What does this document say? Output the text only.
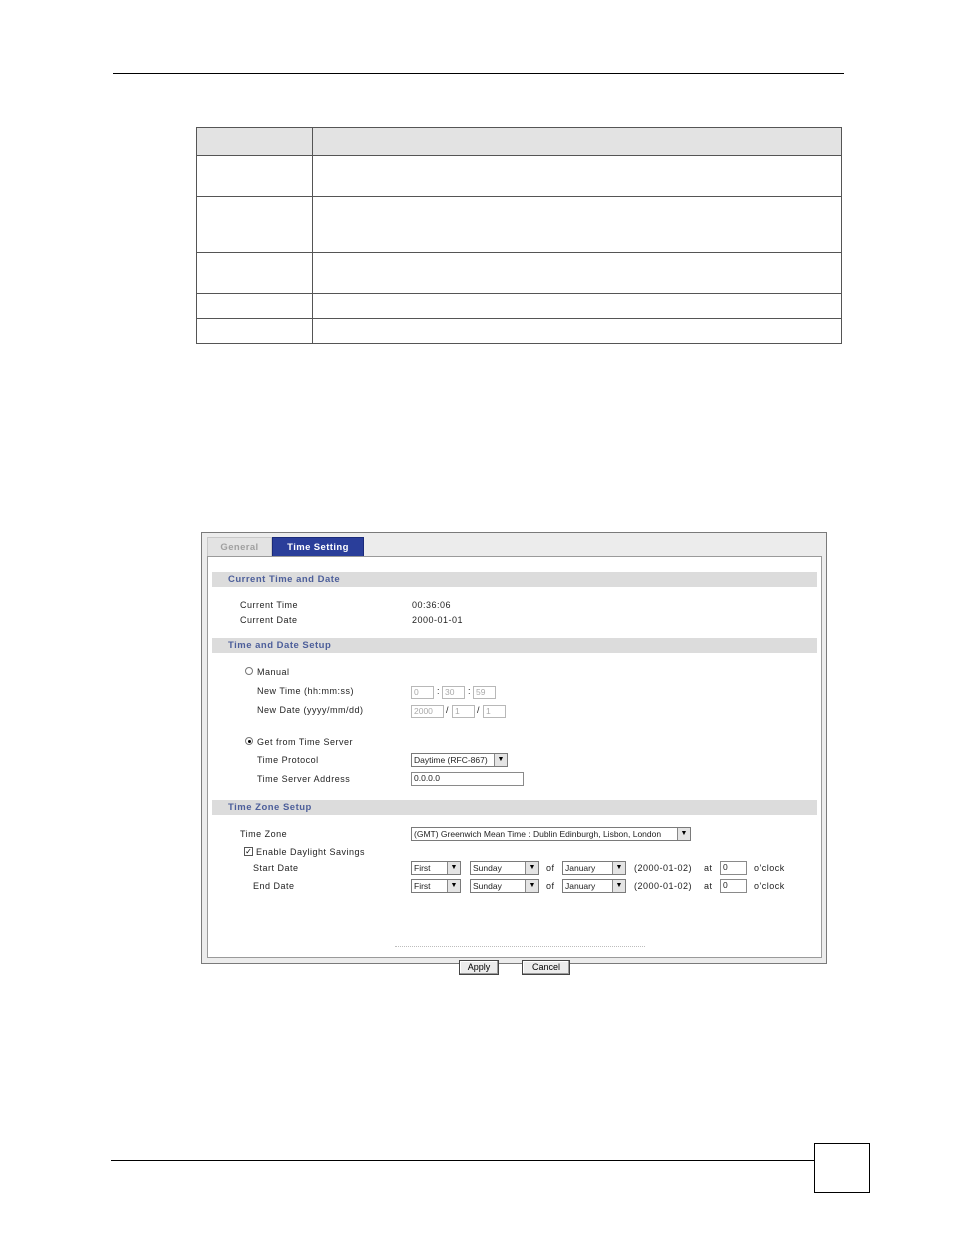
General	Time Setting
Current Time and Date
Current Time	00:36:06
Current Date	2000-01-01
Time and Date Setup
Manual
New Time (hh:mm:ss)	0	: 30	: 59
New Date (yyyy/mm/dd)	2000	/ 1	/ 1
Get from Time Server
Time Protocol	Daytime (RFC-867)	▼
Time Server Address	0.0.0.0
Time Zone Setup
Time Zone	(GMT) Greenwich Mean Time : Dublin Edinburgh, Lisbon, London	▼
✓ Enable Daylight Savings
Start Date	First	▼	Sunday	▼ of	January	▼ (2000-01-02) at	0	o'clock
End Date	First	▼	Sunday	▼ of	January	▼ (2000-01-02) at	0	o'clock
Apply	Cancel
